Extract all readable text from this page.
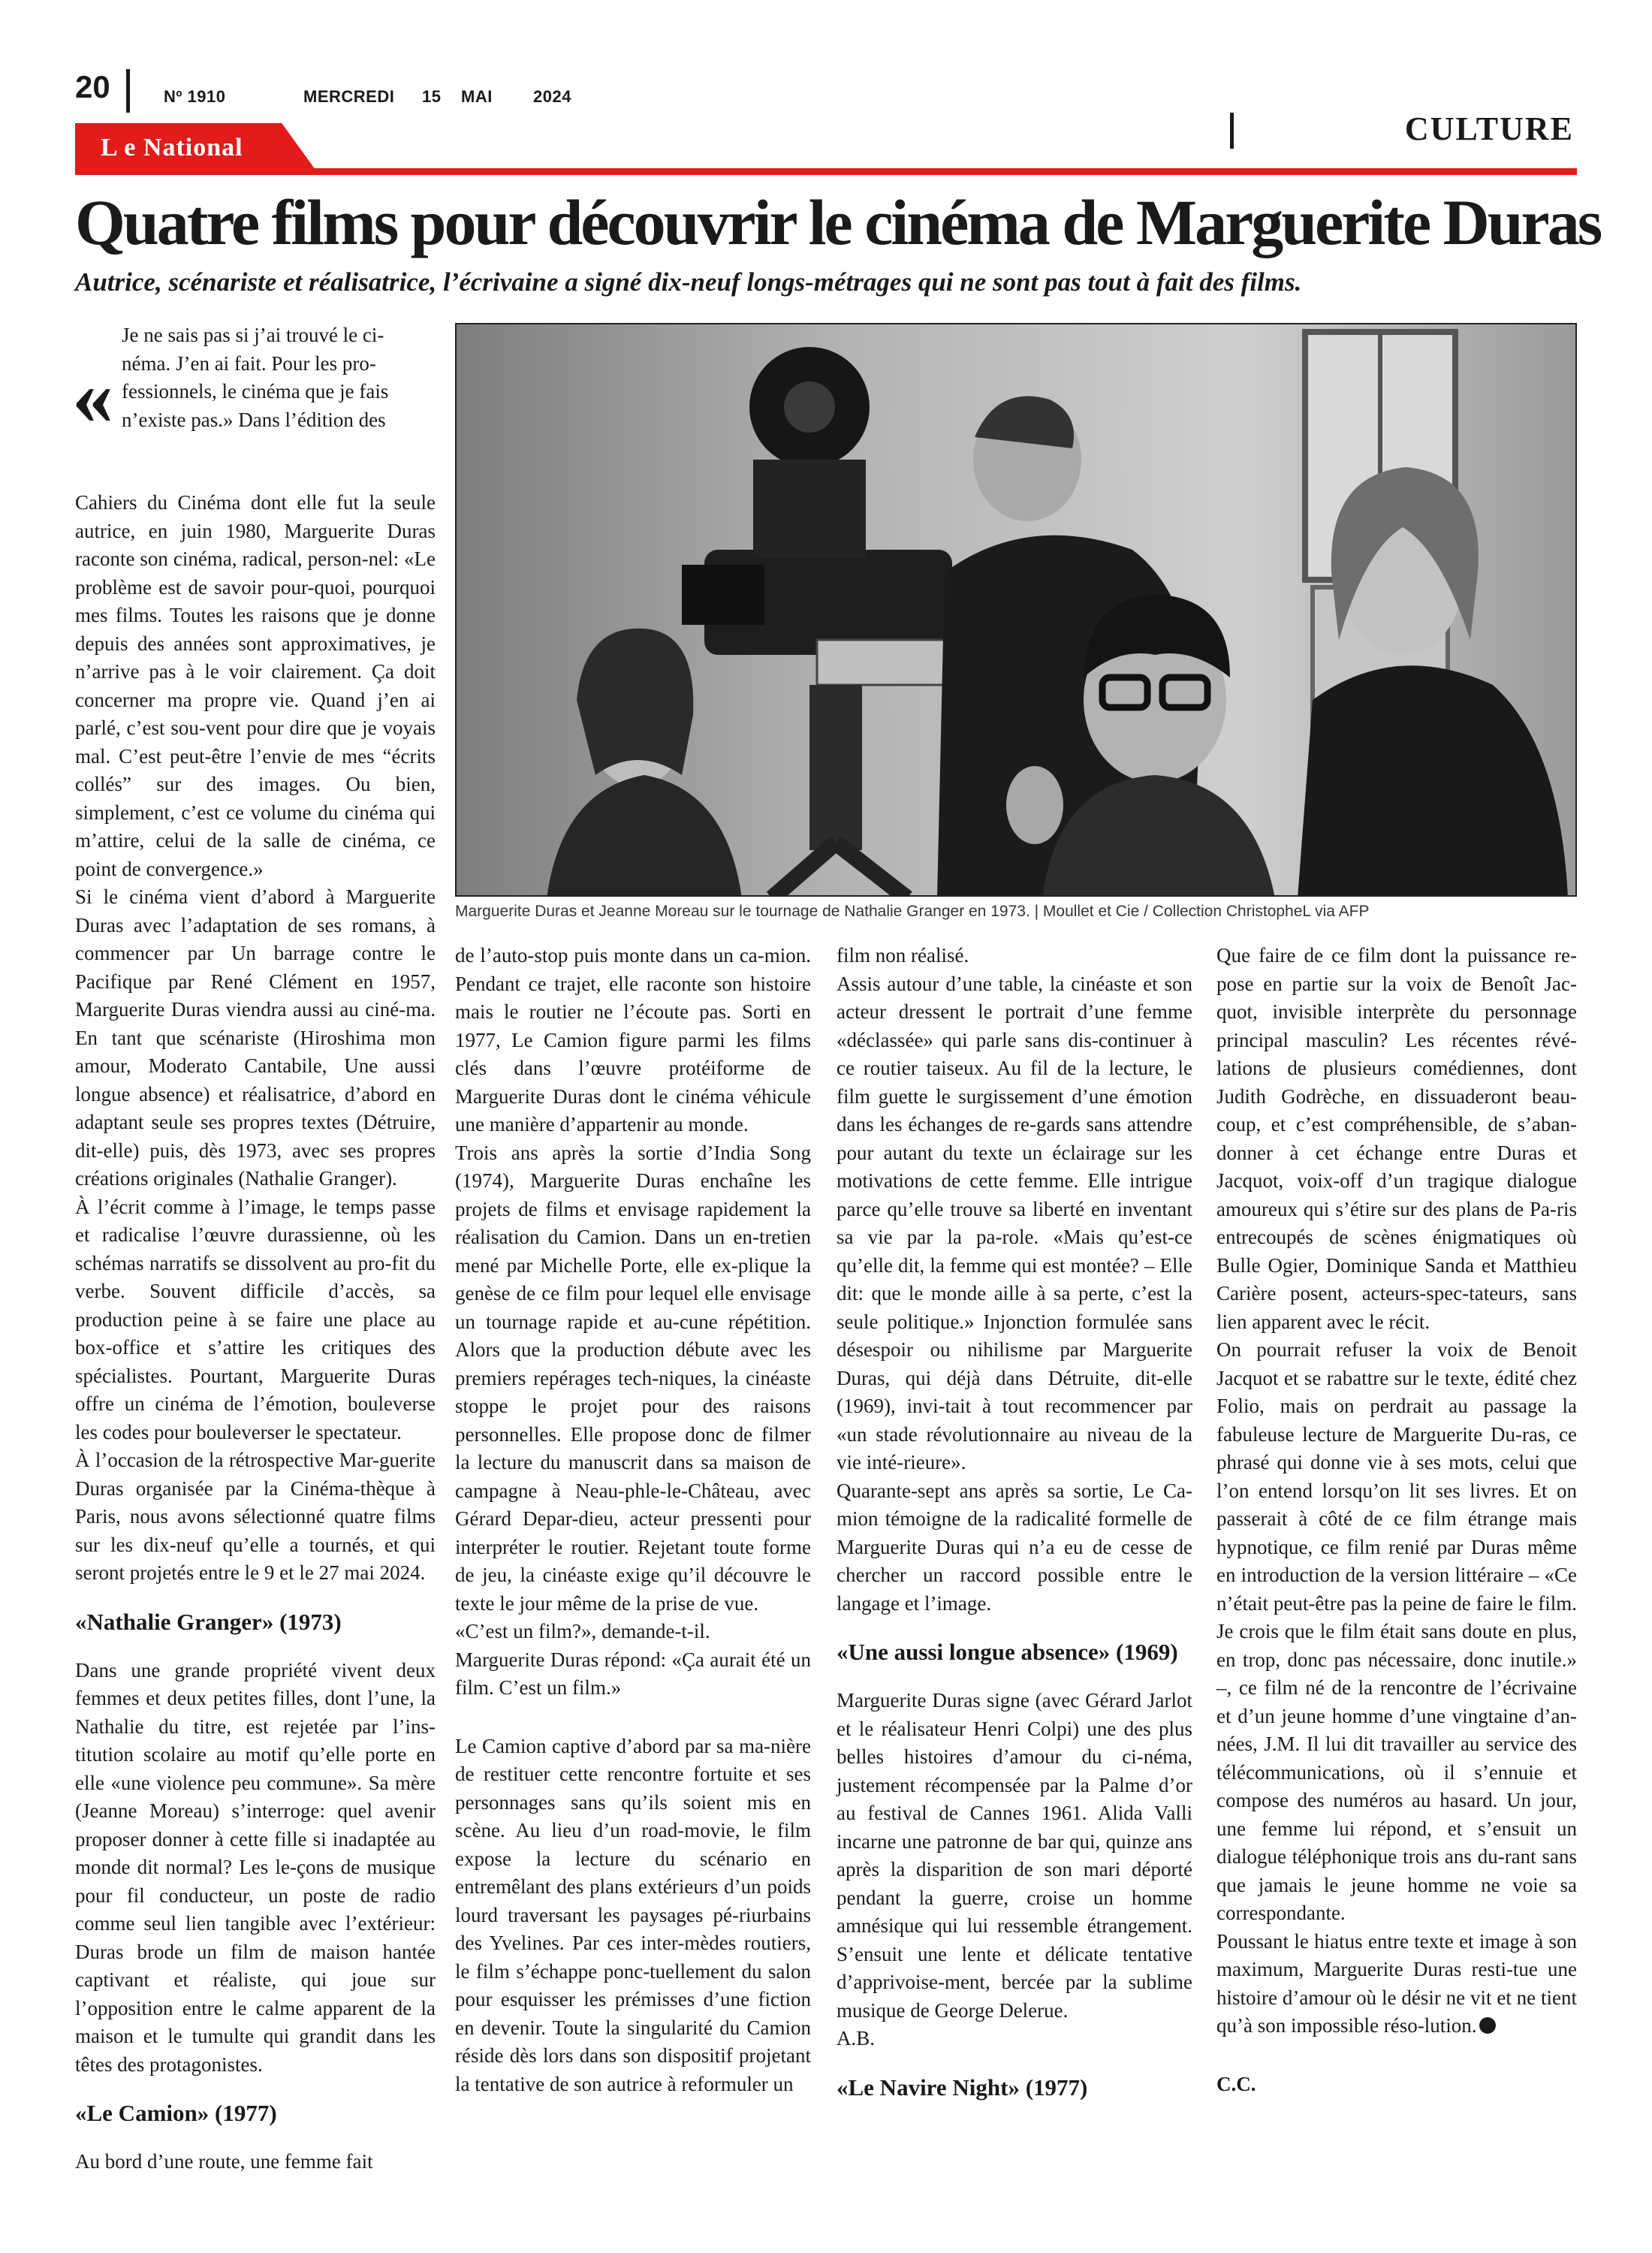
20	Nº 1910	MERCREDI 15 MAI 2024
L e National
CULTURE
Quatre films pour découvrir le cinéma de Marguerite Duras
Autrice, scénariste et réalisatrice, l’écrivaine a signé dix-neuf longs-métrages qui ne sont pas tout à fait des films.
Marguerite Duras et Jeanne Moreau sur le tournage de Nathalie Granger en 1973. | Moullet et Cie / Collection ChristopheL via AFP
«

Je ne sais pas si j’ai trouvé le ci-

néma. J’en ai fait. Pour les pro-

fessionnels, le cinéma que je fais

n’existe pas.» Dans l’édition des

Cahiers du Cinéma dont elle fut la seule autrice, en juin 1980, Marguerite Duras raconte son cinéma, radical, person-nel: «Le problème est de savoir pour-quoi, pourquoi mes films. Toutes les raisons que je donne depuis des années sont approximatives, je n’arrive pas à le voir clairement. Ça doit concerner ma propre vie. Quand j’en ai parlé, c’est sou-vent pour dire que je voyais mal. C’est peut-être l’envie de mes “écrits collés” sur des images. Ou bien, simplement, c’est ce volume du cinéma qui m’attire, celui de la salle de cinéma, ce point de convergence.»

Si le cinéma vient d’abord à Marguerite Duras avec l’adaptation de ses romans, à commencer par Un barrage contre le Pacifique par René Clément en 1957, Marguerite Duras viendra aussi au ciné-ma. En tant que scénariste (Hiroshima mon amour, Moderato Cantabile, Une aussi longue absence) et réalisatrice, d’abord en adaptant seule ses propres textes (Détruire, dit-elle) puis, dès 1973, avec ses propres créations originales (Nathalie Granger).

À l’écrit comme à l’image, le temps passe et radicalise l’œuvre durassienne, où les schémas narratifs se dissolvent au pro-fit du verbe. Souvent difficile d’accès, sa production peine à se faire une place au box-office et s’attire les critiques des spécialistes. Pourtant, Marguerite Duras offre un cinéma de l’émotion, bouleverse les codes pour bouleverser le spectateur.

À l’occasion de la rétrospective Mar-guerite Duras organisée par la Cinéma-thèque à Paris, nous avons sélectionné quatre films sur les dix-neuf qu’elle a tournés, et qui seront projetés entre le 9 et le 27 mai 2024.

«Nathalie Granger» (1973)

Dans une grande propriété vivent deux femmes et deux petites filles, dont l’une, la Nathalie du titre, est rejetée par l’ins-titution scolaire au motif qu’elle porte en elle «une violence peu commune». Sa mère (Jeanne Moreau) s’interroge: quel avenir proposer donner à cette fille si inadaptée au monde dit normal? Les le-çons de musique pour fil conducteur, un poste de radio comme seul lien tangible avec l’extérieur: Duras brode un film de maison hantée captivant et réaliste, qui joue sur l’opposition entre le calme apparent de la maison et le tumulte qui grandit dans les têtes des protagonistes.

«Le Camion» (1977)

Au bord d’une route, une femme fait

de l’auto-stop puis monte dans un ca-mion. Pendant ce trajet, elle raconte son histoire mais le routier ne l’écoute pas. Sorti en 1977, Le Camion figure parmi les films clés dans l’œuvre protéiforme de Marguerite Duras dont le cinéma véhicule une manière d’appartenir au monde.

Trois ans après la sortie d’India Song (1974), Marguerite Duras enchaîne les projets de films et envisage rapidement la réalisation du Camion. Dans un en-tretien mené par Michelle Porte, elle ex-plique la genèse de ce film pour lequel elle envisage un tournage rapide et au-cune répétition. Alors que la production débute avec les premiers repérages tech-niques, la cinéaste stoppe le projet pour des raisons personnelles. Elle propose donc de filmer la lecture du manuscrit dans sa maison de campagne à Neau-phle-le-Château, avec Gérard Depar-dieu, acteur pressenti pour interpréter le routier. Rejetant toute forme de jeu, la cinéaste exige qu’il découvre le texte le jour même de la prise de vue.

«C’est un film?», demande-t-il.

Marguerite Duras répond: «Ça aurait été un film. C’est un film.»

Le Camion captive d’abord par sa ma-nière de restituer cette rencontre fortuite et ses personnages sans qu’ils soient mis en scène. Au lieu d’un road-movie, le film expose la lecture du scénario en entremêlant des plans extérieurs d’un poids lourd traversant les paysages pé-riurbains des Yvelines. Par ces inter-mèdes routiers, le film s’échappe ponc-tuellement du salon pour esquisser les prémisses d’une fiction en devenir. Toute la singularité du Camion réside dès lors dans son dispositif projetant la tentative de son autrice à reformuler un

film non réalisé.

Assis autour d’une table, la cinéaste et son acteur dressent le portrait d’une femme «déclassée» qui parle sans dis-continuer à ce routier taiseux. Au fil de la lecture, le film guette le surgissement d’une émotion dans les échanges de re-gards sans attendre pour autant du texte un éclairage sur les motivations de cette femme. Elle intrigue parce qu’elle trouve sa liberté en inventant sa vie par la pa-role. «Mais qu’est-ce qu’elle dit, la femme qui est montée? – Elle dit: que le monde aille à sa perte, c’est la seule politique.» Injonction formulée sans désespoir ou nihilisme par Marguerite Duras, qui déjà dans Détruite, dit-elle (1969), invi-tait à tout recommencer par «un stade révolutionnaire au niveau de la vie inté-rieure».

Quarante-sept ans après sa sortie, Le Ca-mion témoigne de la radicalité formelle de Marguerite Duras qui n’a eu de cesse de chercher un raccord possible entre le langage et l’image.

«Une aussi longue absence» (1969)

Marguerite Duras signe (avec Gérard Jarlot et le réalisateur Henri Colpi) une des plus belles histoires d’amour du ci-néma, justement récompensée par la Palme d’or au festival de Cannes 1961. Alida Valli incarne une patronne de bar qui, quinze ans après la disparition de son mari déporté pendant la guerre, croise un homme amnésique qui lui ressemble étrangement. S’ensuit une lente et délicate tentative d’apprivoise-ment, bercée par la sublime musique de George Delerue.

A.B.

«Le Navire Night» (1977)

Que faire de ce film dont la puissance re-pose en partie sur la voix de Benoît Jac-quot, invisible interprète du personnage principal masculin? Les récentes révé-lations de plusieurs comédiennes, dont Judith Godrèche, en dissuaderont beau-coup, et c’est compréhensible, de s’aban-donner à cet échange entre Duras et Jacquot, voix-off d’un tragique dialogue amoureux qui s’étire sur des plans de Pa-ris entrecoupés de scènes énigmatiques où Bulle Ogier, Dominique Sanda et Matthieu Carière posent, acteurs-spec-tateurs, sans lien apparent avec le récit.

On pourrait refuser la voix de Benoit Jacquot et se rabattre sur le texte, édité chez Folio, mais on perdrait au passage la fabuleuse lecture de Marguerite Du-ras, ce phrasé qui donne vie à ses mots, celui que l’on entend lorsqu’on lit ses livres. Et on passerait à côté de ce film étrange mais hypnotique, ce film renié par Duras même en introduction de la version littéraire – «Ce n’était peut-être pas la peine de faire le film. Je crois que le film était sans doute en plus, en trop, donc pas nécessaire, donc inutile.» –, ce film né de la rencontre de l’écrivaine et d’un jeune homme d’une vingtaine d’an-nées, J.M. Il lui dit travailler au service des télécommunications, où il s’ennuie et compose des numéros au hasard. Un jour, une femme lui répond, et s’ensuit un dialogue téléphonique trois ans du-rant sans que jamais le jeune homme ne voie sa correspondante.

Poussant le hiatus entre texte et image à son maximum, Marguerite Duras resti-tue une histoire d’amour où le désir ne vit et ne tient qu’à son impossible réso-lution.

C.C.
